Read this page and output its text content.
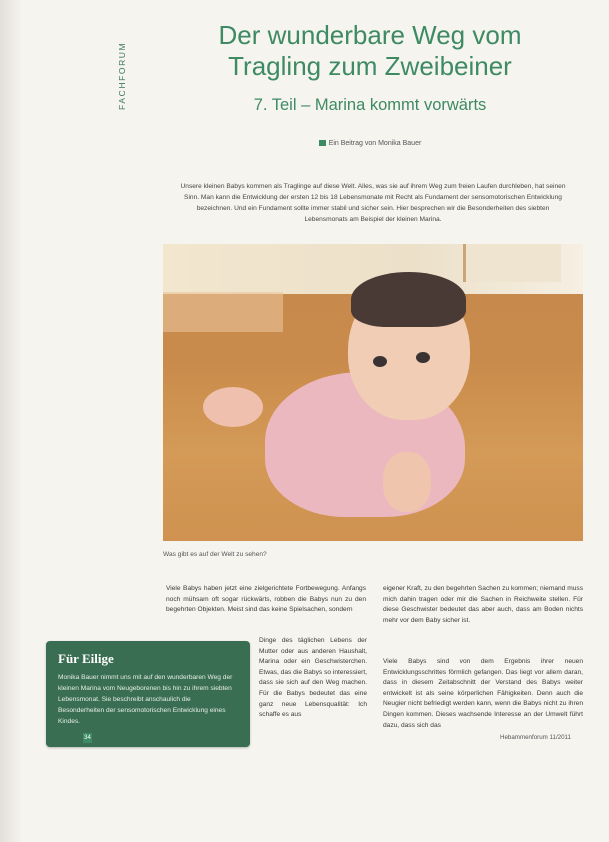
FACHFORUM
Der wunderbare Weg vom
Tragling zum Zweibeiner
7. Teil – Marina kommt vorwärts
Ein Beitrag von Monika Bauer

Unsere kleinen Babys kommen als Traglinge auf diese Welt. Alles, was sie auf ihrem Weg zum freien Laufen durchleben, hat seinen Sinn. Man kann die Entwicklung der ersten 12 bis 18 Lebensmonate mit Recht als Fundament der sensomotorischen Entwicklung bezeichnen. Und ein Fundament sollte immer stabil und sicher sein. Hier besprechen wir die Besonderheiten des siebten Lebensmonats am Beispiel der kleinen Marina.

Was gibt es auf der Welt zu sehen?

Viele Babys haben jetzt eine zielgerichtete Fortbewegung. Anfangs noch mühsam oft sogar rückwärts, robben die Babys nun zu den begehrten Objekten. Meist sind das keine Spielsachen, sondern

Dinge des täglichen Lebens der Mutter oder aus anderen Haushalt, Marina oder ein Geschwisterchen. Etwas, das die Babys so interessiert, dass sie sich auf den Weg machen. Für die Babys bedeutet das eine ganz neue Lebensqualität: Ich schaffe es aus

eigener Kraft, zu den begehrten Sachen zu kommen; niemand muss mich dahin tragen oder mir die Sachen in Reichweite stellen. Für diese Geschwister bedeutet das aber auch, dass am Boden nichts mehr vor dem Baby sicher ist.

Viele Babys sind von dem Ergebnis ihrer neuen Entwicklungsschrittes förmlich gefangen. Das liegt vor allem daran, dass in diesem Zeitabschnitt der Verstand des Babys weiter entwickelt ist als seine körperlichen Fähigkeiten. Denn auch die Neugier nicht befriedigt werden kann, wenn die Babys nicht zu ihren Dingen kommen. Dieses wachsende Interesse an der Umwelt führt dazu, dass sich das

Für Eilige

Monika Bauer nimmt uns mit auf den wunderbaren Weg der kleinen Marina vom Neugeborenen bis hin zu ihrem siebten Lebensmonat. Sie beschreibt anschaulich die Besonderheiten der sensomotorischen Entwicklung eines Kindes.

34	Hebammenforum 11/2011
